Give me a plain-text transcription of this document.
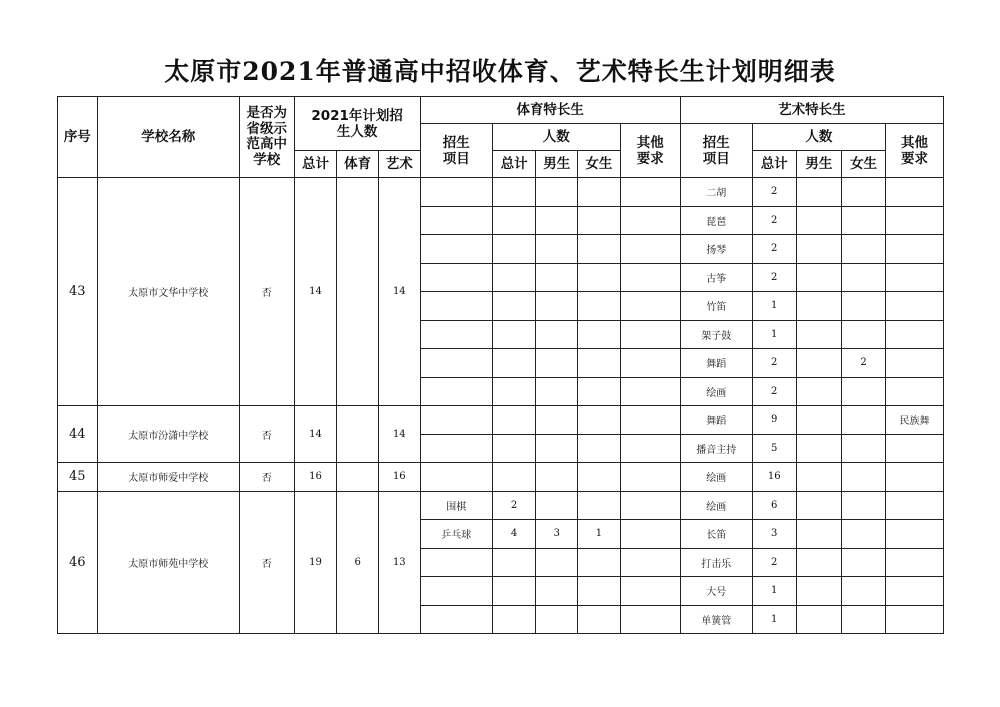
太原市2021年普通高中招收体育、艺术特长生计划明细表
序号	学校名称	是否为省级示范高中学校	2021年计划招生人数			体育特长生					艺术特长生				
						招生项目	人数			其他要求	招生项目	人数			其他要求
			总计	体育	艺术		总计	男生	女生			总计	男生	女生	
43	太原市文华中学校	否	14		14						二胡	2			
											琵琶	2			
											扬琴	2			
											古筝	2			
											竹笛	1			
											架子鼓	1			
											舞蹈	2		2	
											绘画	2			
44	太原市汾潇中学校	否	14		14						舞蹈	9			民族舞
											播音主持	5			
45	太原市师爱中学校	否	16		16						绘画	16			
46	太原市师苑中学校	否	19	6	13	围棋	2				绘画	6			
						乒乓球	4	3	1		长笛	3			
											打击乐	2			
											大号	1			
											单簧管	1			
